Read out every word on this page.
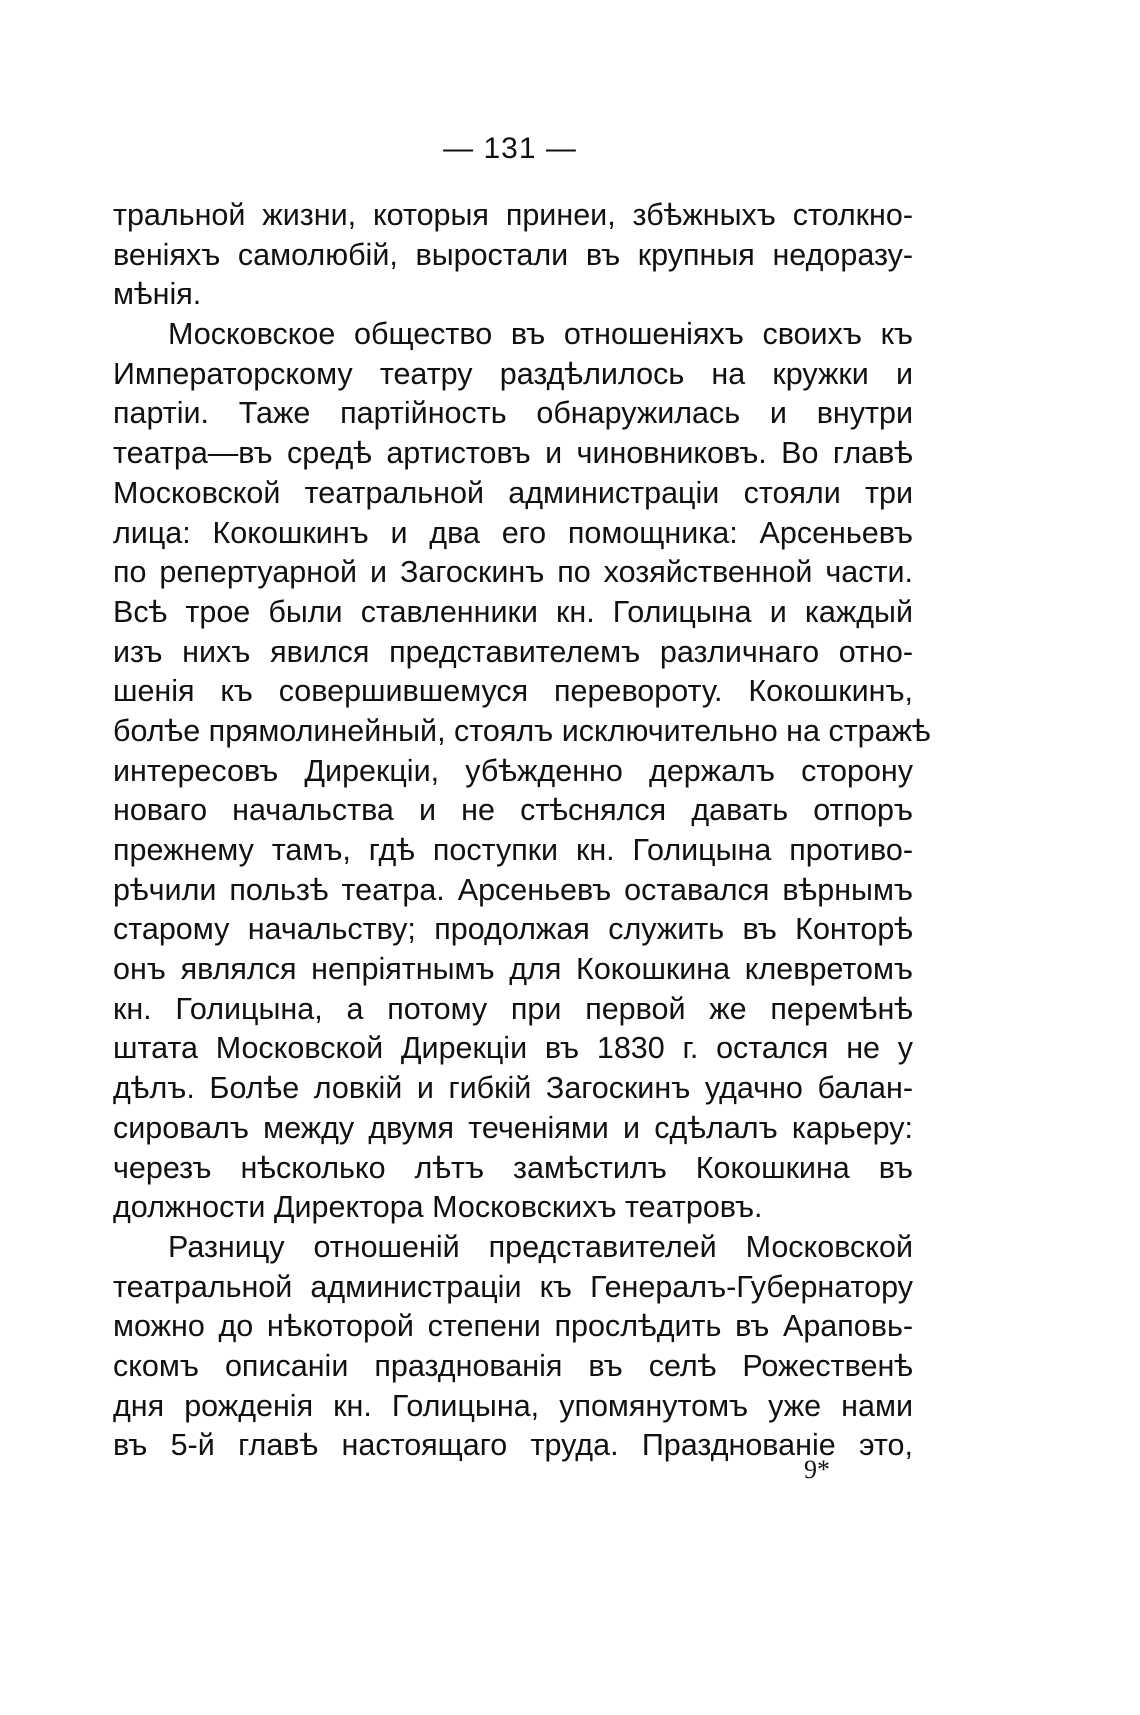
— 131 —
тральной жизни, которыя принеи, збѣжныхъ столкно-
веніяхъ самолюбій, выростали въ крупныя недоразу-
мѣнія.
Московское общество въ отношеніяхъ своихъ къ
Императорскому театру раздѣлилось на кружки и
партіи. Таже партійность обнаружилась и внутри
театра—въ средѣ артистовъ и чиновниковъ. Во главѣ
Московской театральной администраціи стояли три
лица: Кокошкинъ и два его помощника: Арсеньевъ
по репертуарной и Загоскинъ по хозяйственной части.
Всѣ трое были ставленники кн. Голицына и каждый
изъ нихъ явился представителемъ различнаго отно-
шенія къ совершившемуся перевороту. Кокошкинъ,
болѣе прямолинейный, стоялъ исключительно на стражѣ
интересовъ Дирекціи, убѣжденно держалъ сторону
новаго начальства и не стѣснялся давать отпоръ
прежнему тамъ, гдѣ поступки кн. Голицына противо-
рѣчили пользѣ театра. Арсеньевъ оставался вѣрнымъ
старому начальству; продолжая служить въ Конторѣ
онъ являлся непріятнымъ для Кокошкина клевретомъ
кн. Голицына, а потому при первой же перемѣнѣ
штата Московской Дирекціи въ 1830 г. остался не у
дѣлъ. Болѣе ловкій и гибкій Загоскинъ удачно балан-
сировалъ между двумя теченіями и сдѣлалъ карьеру:
черезъ нѣсколько лѣтъ замѣстилъ Кокошкина въ
должности Директора Московскихъ театровъ.
Разницу отношеній представителей Московской
театральной администраціи къ Генералъ-Губернатору
можно до нѣкоторой степени прослѣдить въ Араповь-
скомъ описаніи празднованія въ селѣ Рожественѣ
дня рожденія кн. Голицына, упомянутомъ уже нами
въ 5-й главѣ настоящаго труда. Празднованіе это,
9*
